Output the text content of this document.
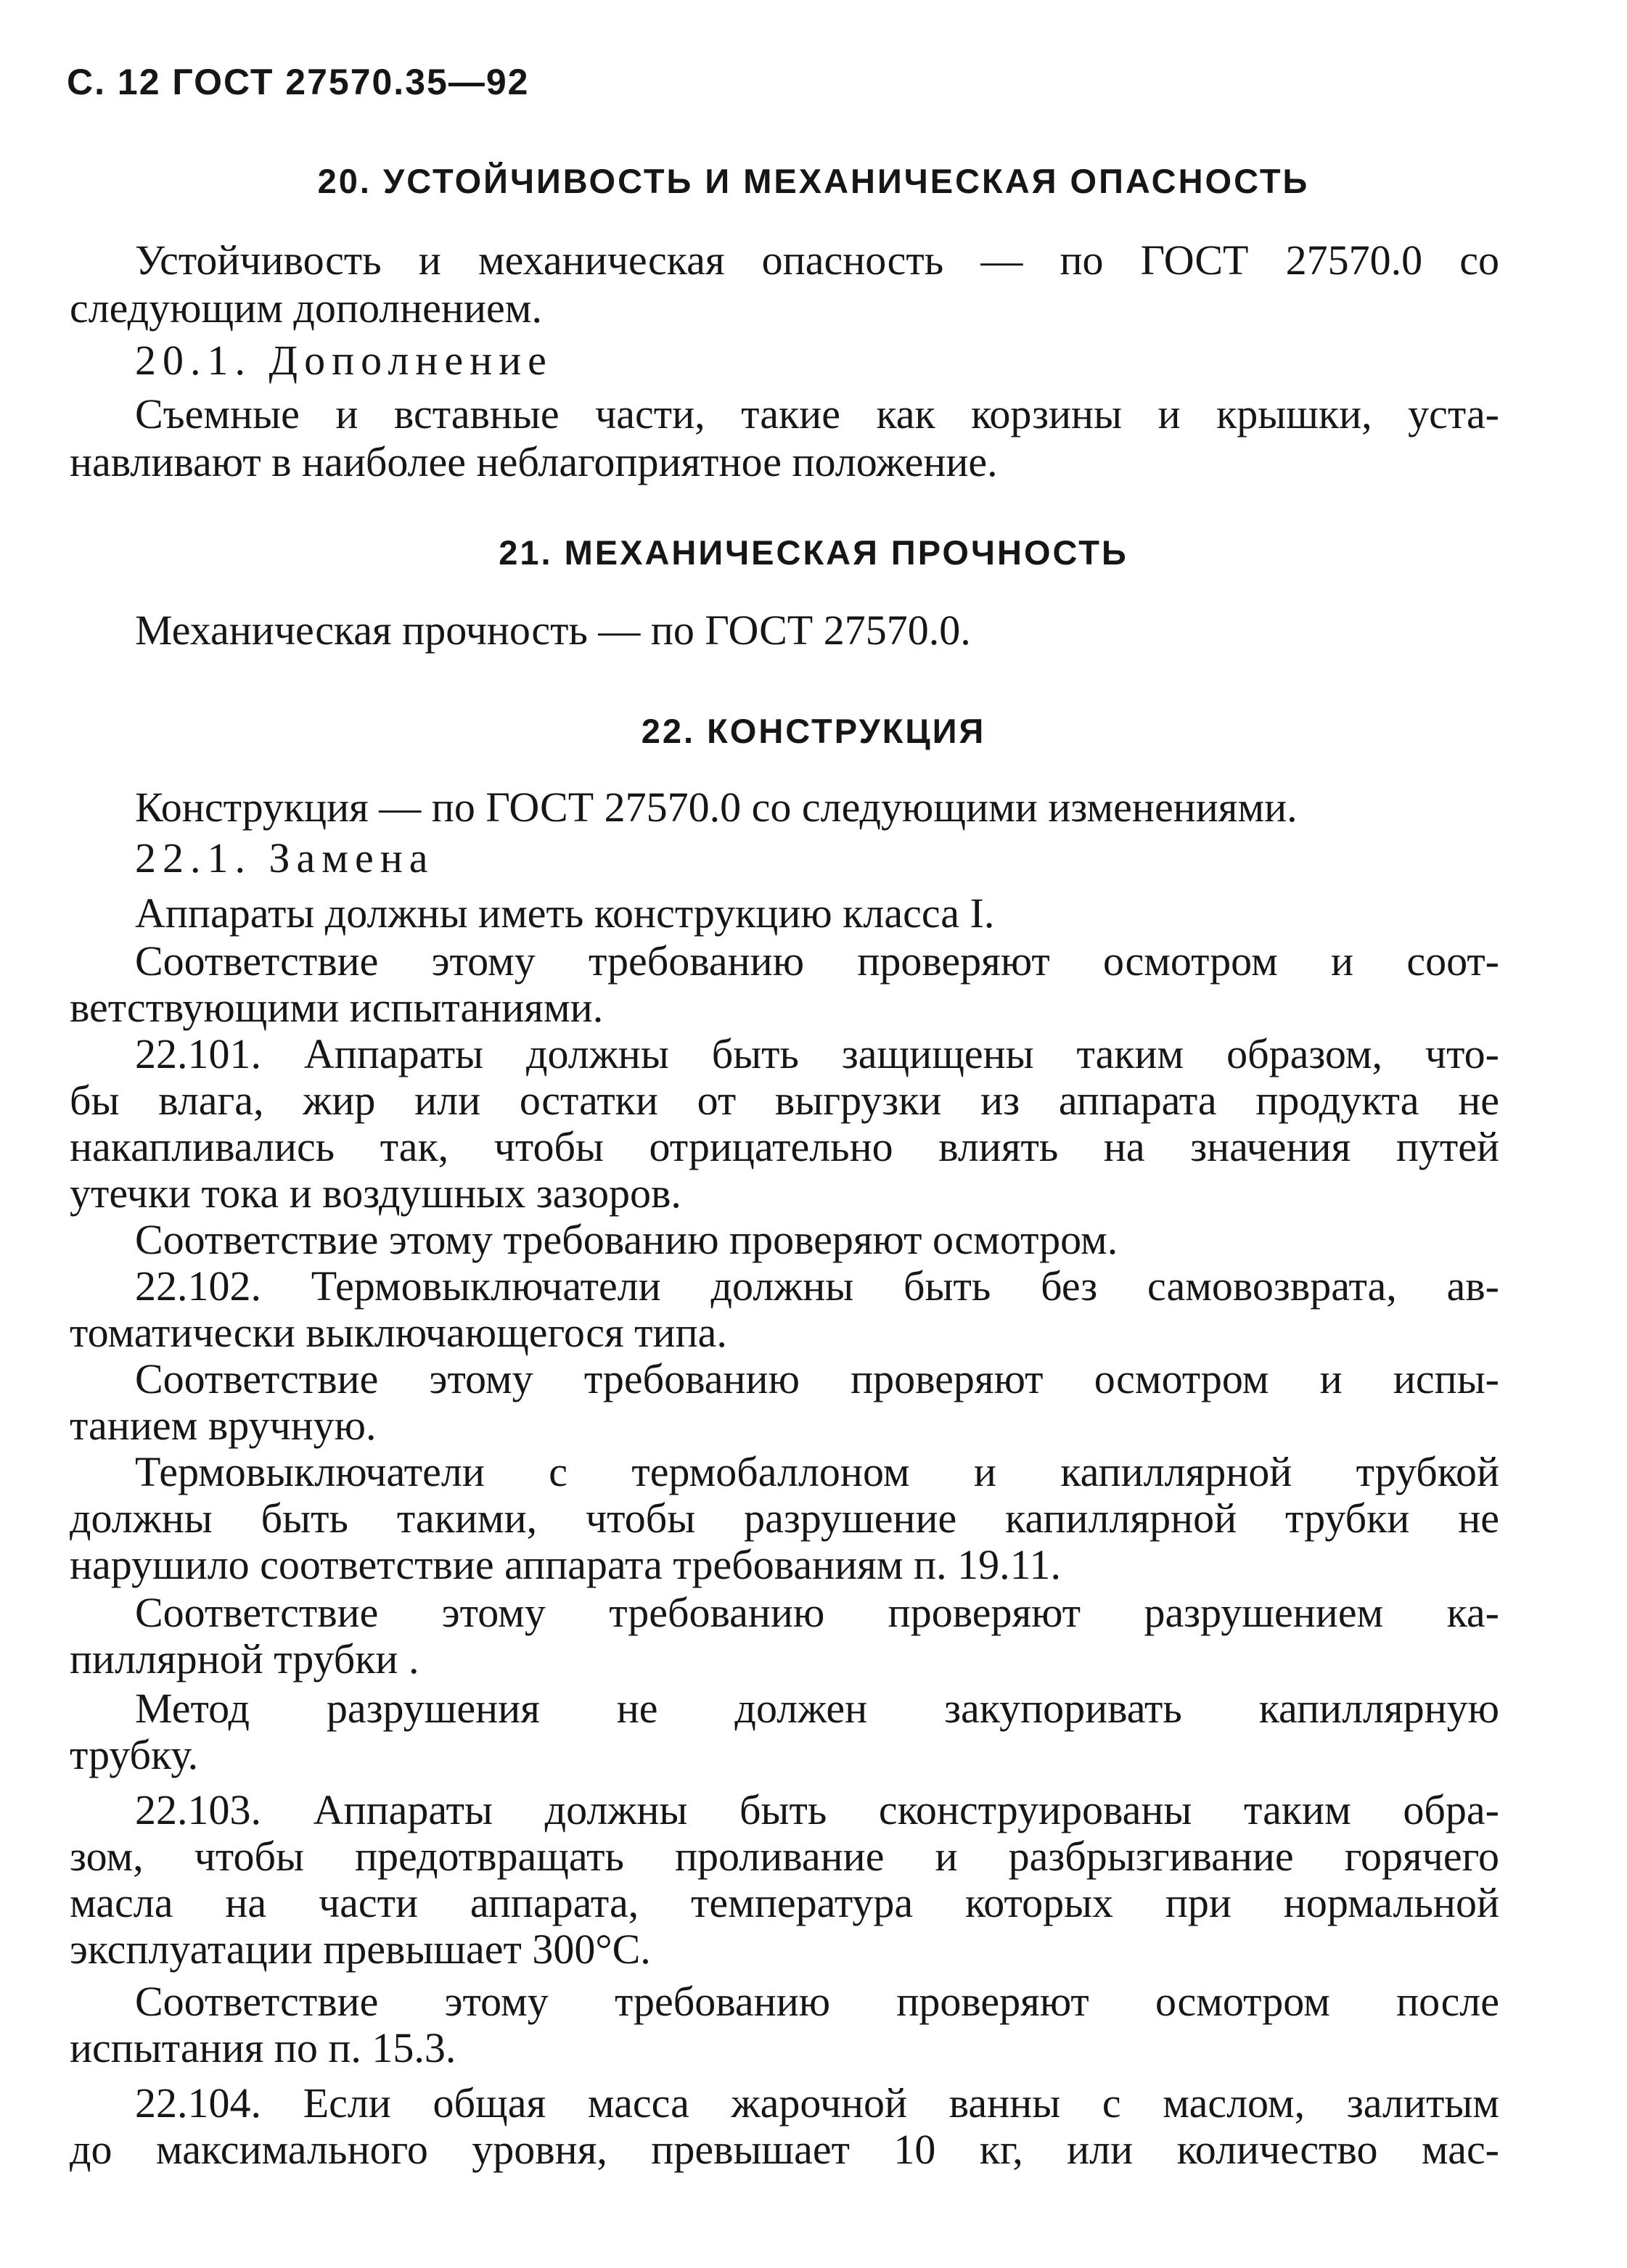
С. 12 ГОСТ 27570.35—92
20. УСТОЙЧИВОСТЬ И МЕХАНИЧЕСКАЯ ОПАСНОСТЬ
Устойчивость и механическая опасность — по ГОСТ 27570.0 со
следующим дополнением.
20.1. Дополнение
Съемные и вставные части, такие как корзины и крышки, уста-
навливают в наиболее неблагоприятное положение.
21. МЕХАНИЧЕСКАЯ ПРОЧНОСТЬ
Механическая прочность — по ГОСТ 27570.0.
22. КОНСТРУКЦИЯ
Конструкция — по ГОСТ 27570.0 со следующими изменениями.
22.1. Замена
Аппараты должны иметь конструкцию класса I.
Соответствие этому требованию проверяют осмотром и соот-
ветствующими испытаниями.
22.101. Аппараты должны быть защищены таким образом, что-
бы влага, жир или остатки от выгрузки из аппарата продукта не
накапливались так, чтобы отрицательно влиять на значения путей
утечки тока и воздушных зазоров.
Соответствие этому требованию проверяют осмотром.
22.102. Термовыключатели должны быть без самовозврата, ав-
томатически выключающегося типа.
Соответствие этому требованию проверяют осмотром и испы-
танием вручную.
Термовыключатели с термобаллоном и капиллярной трубкой
должны быть такими, чтобы разрушение капиллярной трубки не
нарушило соответствие аппарата требованиям п. 19.11.
Соответствие этому требованию проверяют разрушением ка-
пиллярной трубки .
Метод разрушения не должен закупоривать капиллярную
трубку.
22.103. Аппараты должны быть сконструированы таким обра-
зом, чтобы предотвращать проливание и разбрызгивание горячего
масла на части аппарата, температура которых при нормальной
эксплуатации превышает 300°С.
Соответствие этому требованию проверяют осмотром после
испытания по п. 15.3.
22.104. Если общая масса жарочной ванны с маслом, залитым
до максимального уровня, превышает 10 кг, или количество мас-
